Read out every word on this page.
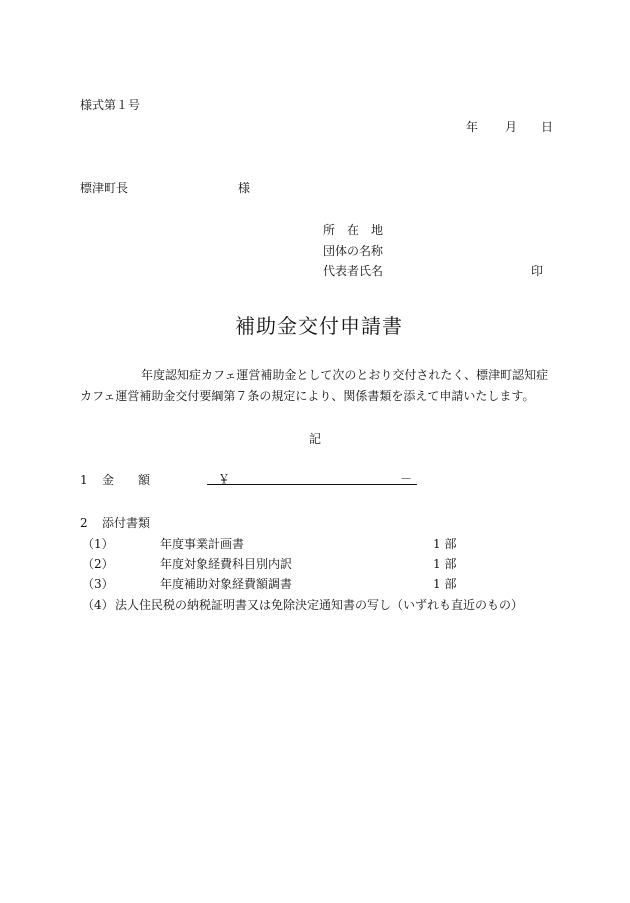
様式第１号
年 月 日
標津町長	様
所　在　地
団体の名称
代表者氏名	印
補助金交付申請書
年度認知症カフェ運営補助金として次のとおり交付されたく、標津町認知症
カフェ運営補助金交付要綱第７条の規定により、関係書類を添えて申請いたします。
記
1 金　　額	￥	－
2 添付書類
（1）	年度事業計画書	1 部
（2）	年度対象経費科目別内訳	1 部
（3）	年度補助対象経費額調書	1 部
（4） 法人住民税の納税証明書又は免除決定通知書の写し（いずれも直近のもの）
